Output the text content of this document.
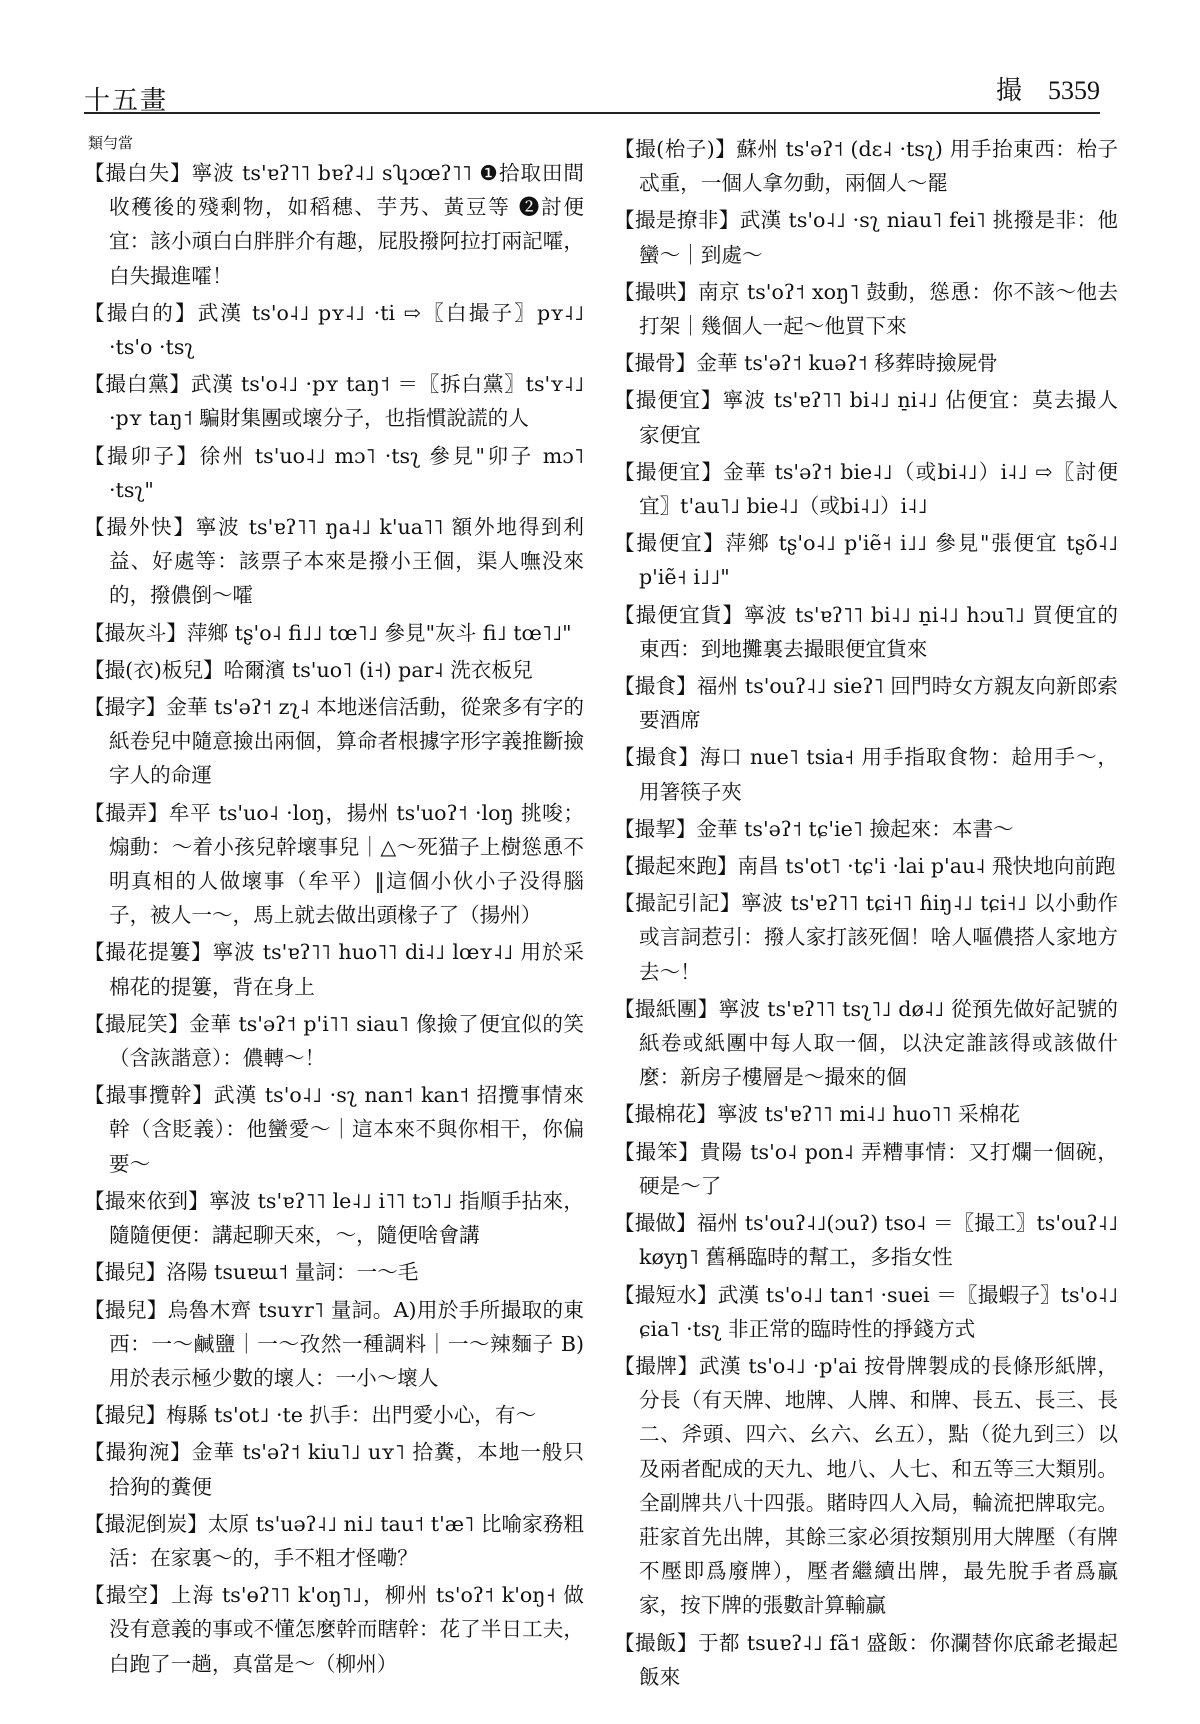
十五畫	撮 5359
類勻當
【撮白失】寧波 ts'ɐʔ˥˥ bɐʔ˨˩ sʮɔœʔ˥˥ ❶拾取田間收穫後的殘剩物，如稻穗、芋艿、黃豆等 ❷討便宜：該小頑白白胖胖介有趣，屁股撥阿拉打兩記嚯，白失撮進嚯！
【撮白的】武漢 ts'o˨˩ pʏ˨˩ ·ti ⇨〖白撮子〗pʏ˨˩ ·ts'o ·tsʅ
【撮白黨】武漢 ts'o˨˩ ·pʏ taŋ˦ ＝〖拆白黨〗ts'ʏ˨˩ ·pʏ taŋ˦ 騙財集團或壞分子，也指慣說謊的人
【撮卯子】徐州 ts'uo˨˩ mɔ˥ ·tsʅ 參見"卯子 mɔ˥ ·tsʅ"
【撮外快】寧波 ts'ɐʔ˥˥ ŋa˨˩ k'ua˥˥ 額外地得到利益、好處等：該票子本來是撥小王個，渠人嘸没來的，撥儂倒～嚯
【撮灰斗】萍鄉 tʂ'o˨ fi˩˩ tœ˥˩ 參見"灰斗 fi˩ tœ˥˩"
【撮(衣)板兒】哈爾濱 ts'uo˥ (i˧) par˨ 洗衣板兒
【撮字】金華 ts'əʔ˦ zʅ˨ 本地迷信活動，從衆多有字的紙卷兒中隨意撿出兩個，算命者根據字形字義推斷撿字人的命運
【撮弄】牟平 ts'uo˨ ·loŋ，揚州 ts'uoʔ˦ ·loŋ 挑唆；煽動：～着小孩兒幹壞事兒｜△～死猫子上樹慫恿不明真相的人做壞事（牟平）‖這個小伙小子没得腦子，被人一～，馬上就去做出頭椽子了（揚州）
【撮花提簍】寧波 ts'ɐʔ˥˥ huo˥˥ di˨˩ lœʏ˨˩ 用於采棉花的提簍，背在身上
【撮屁笑】金華 ts'əʔ˦ p'i˥˥ siau˥ 像撿了便宜似的笑（含詼諧意）：儂轉～！
【撮事攬幹】武漢 ts'o˨˩ ·sʅ nan˦ kan˦ 招攬事情來幹（含貶義）：他蠻愛～｜這本來不與你相干，你偏要～
【撮來依到】寧波 ts'ɐʔ˥˥ le˨˩ i˥˥ tɔ˥˩ 指順手拈來，隨隨便便：講起聊天來，～，隨便啥會講
【撮兒】洛陽 tsuɐɯ˦ 量詞：一～毛
【撮兒】烏魯木齊 tsuʏr˥ 量詞。A)用於手所撮取的東西：一～鹹鹽｜一～孜然一種調料｜一～辣麵子 B)用於表示極少數的壞人：一小～壞人
【撮兒】梅縣 ts'ot˩ ·te 扒手：出門愛小心，有～
【撮狗涴】金華 ts'əʔ˦ kiu˥˩ uʏ˥ 拾糞，本地一般只拾狗的糞便
【撮泥倒炭】太原 ts'uəʔ˨˩ ni˩ tau˦ t'æ˥ 比喻家務粗活：在家裏～的，手不粗才怪嘞？
【撮空】上海 ts'ɵʔ˥˥ k'oŋ˥˩，柳州 ts'oʔ˦ k'oŋ˧ 做没有意義的事或不懂怎麼幹而瞎幹：花了半日工夫，白跑了一趟，真當是～（柳州）
【撮(枱子)】蘇州 ts'əʔ˦ (dɛ˨ ·tsʅ) 用手抬東西：枱子忒重，一個人拿勿動，兩個人～罷
【撮是撩非】武漢 ts'o˨˩ ·sʅ niau˥ fei˥ 挑撥是非：他蠻～｜到處～
【撮哄】南京 ts'oʔ˦ xoŋ˥ 鼓動，慫恿：你不該～他去打架｜幾個人一起～他買下來
【撮骨】金華 ts'əʔ˦ kuəʔ˦ 移葬時撿屍骨
【撮便宜】寧波 ts'ɐʔ˥˥ bi˨˩ n̠i˨˩ 佔便宜：莫去撮人家便宜
【撮便宜】金華 ts'əʔ˦ bie˨˩（或bi˨˩）i˨˩ ⇨〖討便宜〗t'au˥˩ bie˨˩（或bi˨˩）i˨˩
【撮便宜】萍鄉 tʂ'o˨˩ p'iẽ˧ i˩˩ 參見"張便宜 tʂõ˨˩ p'iẽ˧ i˩˩"
【撮便宜貨】寧波 ts'ɐʔ˥˥ bi˨˩ n̠i˨˩ hɔu˥˩ 買便宜的東西：到地攤裏去撮眼便宜貨來
【撮食】福州 ts'ouʔ˨˩ sieʔ˥ 回門時女方親友向新郎索要酒席
【撮食】海口 nue˥ tsia˧ 用手指取食物：䞩用手～，用箸筷子夾
【撮挈】金華 ts'əʔ˦ tɕ'ie˥ 撿起來：本書～
【撮起來跑】南昌 ts'ot˥ ·tɕ'i ·lai p'au˨ 飛快地向前跑
【撮記引記】寧波 ts'ɐʔ˥˥ tɕi˧˥ ɦiŋ˨˩ tɕi˧˩ 以小動作或言詞惹引：撥人家打該死個！啥人嘔儂搭人家地方去～！
【撮紙團】寧波 ts'ɐʔ˥˥ tsʅ˥˩ dø˨˩ 從預先做好記號的紙卷或紙團中每人取一個，以決定誰該得或該做什麼：新房子樓層是～撮來的個
【撮棉花】寧波 ts'ɐʔ˥˥ mi˨˩ huo˥˥ 采棉花
【撮笨】貴陽 ts'o˨ pon˨ 弄糟事情：又打爛一個碗，硬是～了
【撮做】福州 ts'ouʔ˨˩(ɔuʔ) tso˨ ＝〖撮工〗ts'ouʔ˨˩ køyŋ˥ 舊稱臨時的幫工，多指女性
【撮短水】武漢 ts'o˨˩ tan˦ ·suei ＝〖撮蝦子〗ts'o˨˩ ɕia˥ ·tsʅ 非正常的臨時性的掙錢方式
【撮牌】武漢 ts'o˨˩ ·p'ai 按骨牌製成的長條形紙牌，分長（有天牌、地牌、人牌、和牌、長五、長三、長二、斧頭、四六、幺六、幺五），點（從九到三）以及兩者配成的天九、地八、人七、和五等三大類別。全副牌共八十四張。賭時四人入局，輪流把牌取完。莊家首先出牌，其餘三家必須按類別用大牌壓（有牌不壓即爲廢牌），壓者繼續出牌，最先脫手者爲贏家，按下牌的張數計算輸贏
【撮飯】于都 tsuɐʔ˨˩ fã˦ 盛飯：你瀾替你底爺老撮起飯來
